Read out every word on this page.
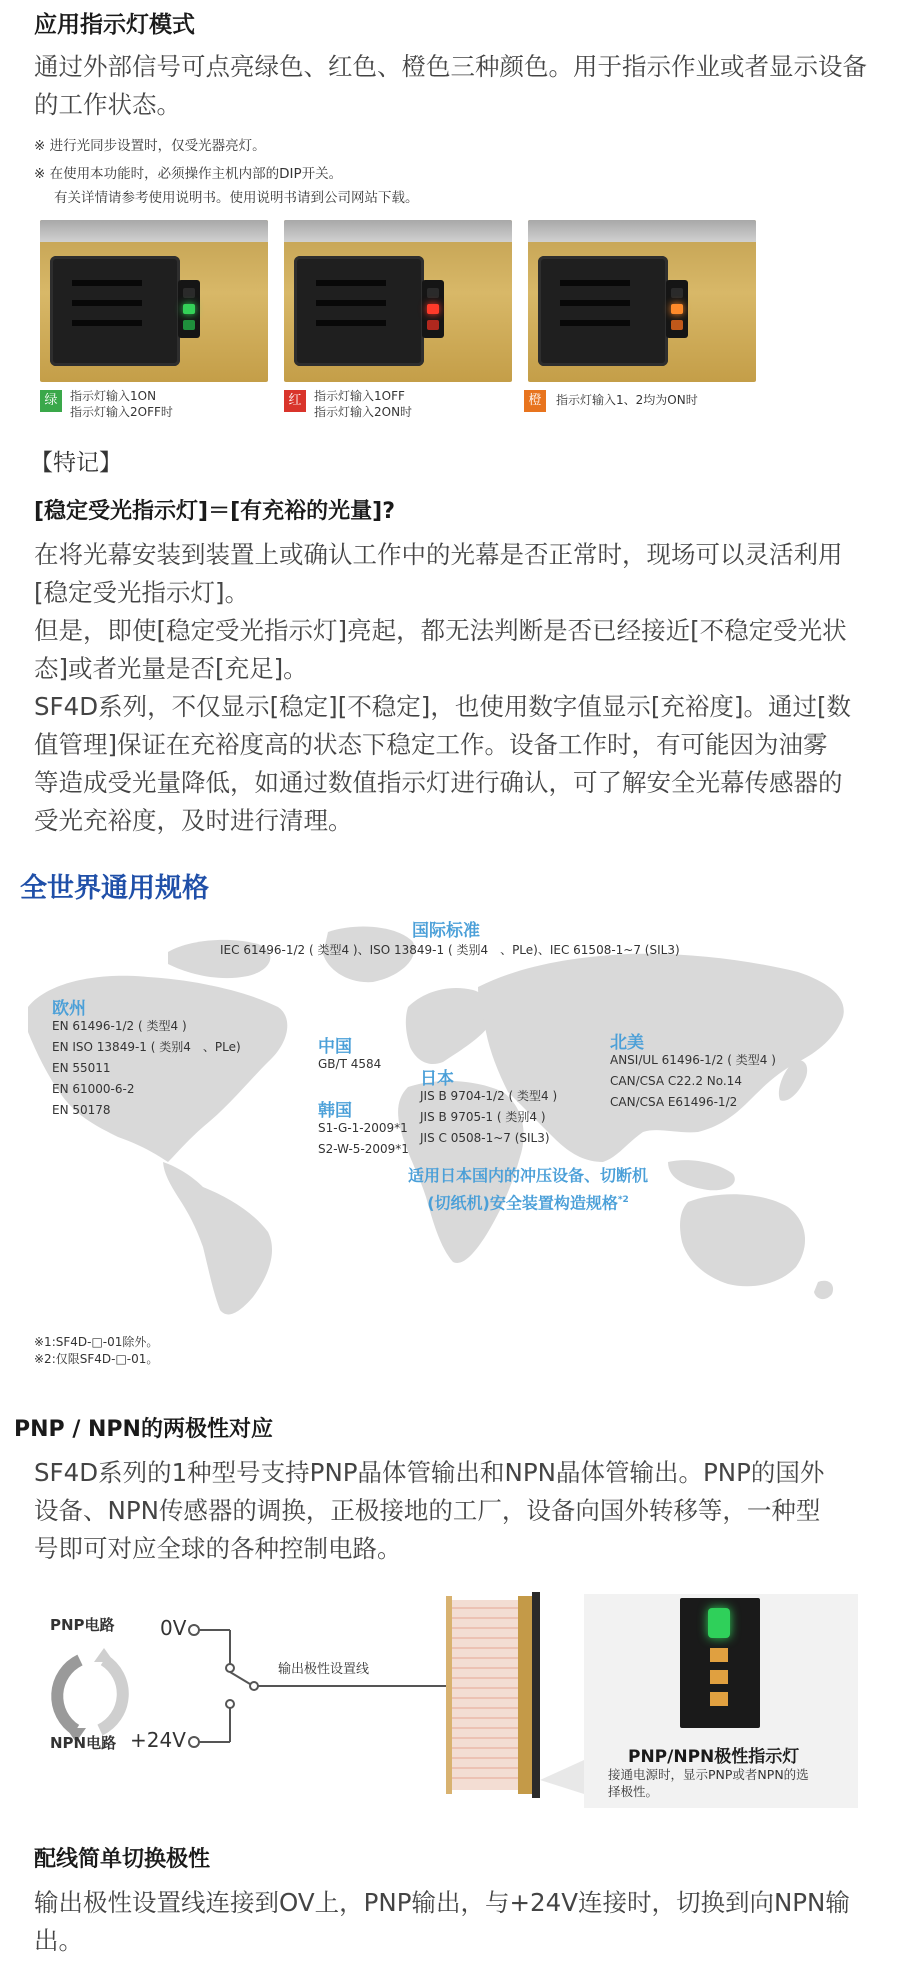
应用指示灯模式
通过外部信号可点亮绿色、红色、橙色三种颜色。用于指示作业或者显示设备的工作状态。
※ 进行光同步设置时，仅受光器亮灯。
※ 在使用本功能时，必须操作主机内部的DIP开关。
有关详情请参考使用说明书。使用说明书请到公司网站下载。
绿	指示灯输入1ON
指示灯输入2OFF时
红	指示灯输入1OFF
指示灯输入2ON时
橙	指示灯输入1、2均为ON时
【特记】
[稳定受光指示灯]＝[有充裕的光量]?
在将光幕安装到装置上或确认工作中的光幕是否正常时，现场可以灵活利用
[稳定受光指示灯]。
但是，即使[稳定受光指示灯]亮起，都无法判断是否已经接近[不稳定受光状
态]或者光量是否[充足]。
SF4D系列，不仅显示[稳定][不稳定]，也使用数字值显示[充裕度]。通过[数
值管理]保证在充裕度高的状态下稳定工作。设备工作时，有可能因为油雾
等造成受光量降低，如通过数值指示灯进行确认，可了解安全光幕传感器的
受光充裕度，及时进行清理。
全世界通用规格
国际标准
IEC 61496-1/2 ( 类型4 )、ISO 13849-1 ( 类别4　、PLe)、IEC 61508-1~7 (SIL3)
欧州
EN 61496-1/2 ( 类型4 )
EN ISO 13849-1 ( 类别4　、PLe)
EN 55011
EN 61000-6-2
EN 50178
中国
GB/T 4584
韩国
S1-G-1-2009*1
S2-W-5-2009*1
日本
JIS B 9704-1/2 ( 类型4 )
JIS B 9705-1 ( 类别4 )
JIS C 0508-1~7 (SIL3)
北美
ANSI/UL 61496-1/2 ( 类型4 )
CAN/CSA C22.2 No.14
CAN/CSA E61496-1/2
适用日本国内的冲压设备、切断机
(切纸机)安全装置构造规格$^{*2}$
※1:SF4D-□-01除外。
※2:仅限SF4D-□-01。
PNP / NPN的两极性对应
SF4D系列的1种型号支持PNP晶体管输出和NPN晶体管输出。PNP的国外
设备、NPN传感器的调换，正极接地的工厂，设备向国外转移等，一种型
号即可对应全球的各种控制电路。
PNP电路
NPN电路
0V
+24V
输出极性设置线
PNP/NPN极性指示灯
接通电源时，显示PNP或者NPN的选
择极性。
配线简单切换极性
输出极性设置线连接到OV上，PNP输出，与+24V连接时，切换到向NPN输
出。
